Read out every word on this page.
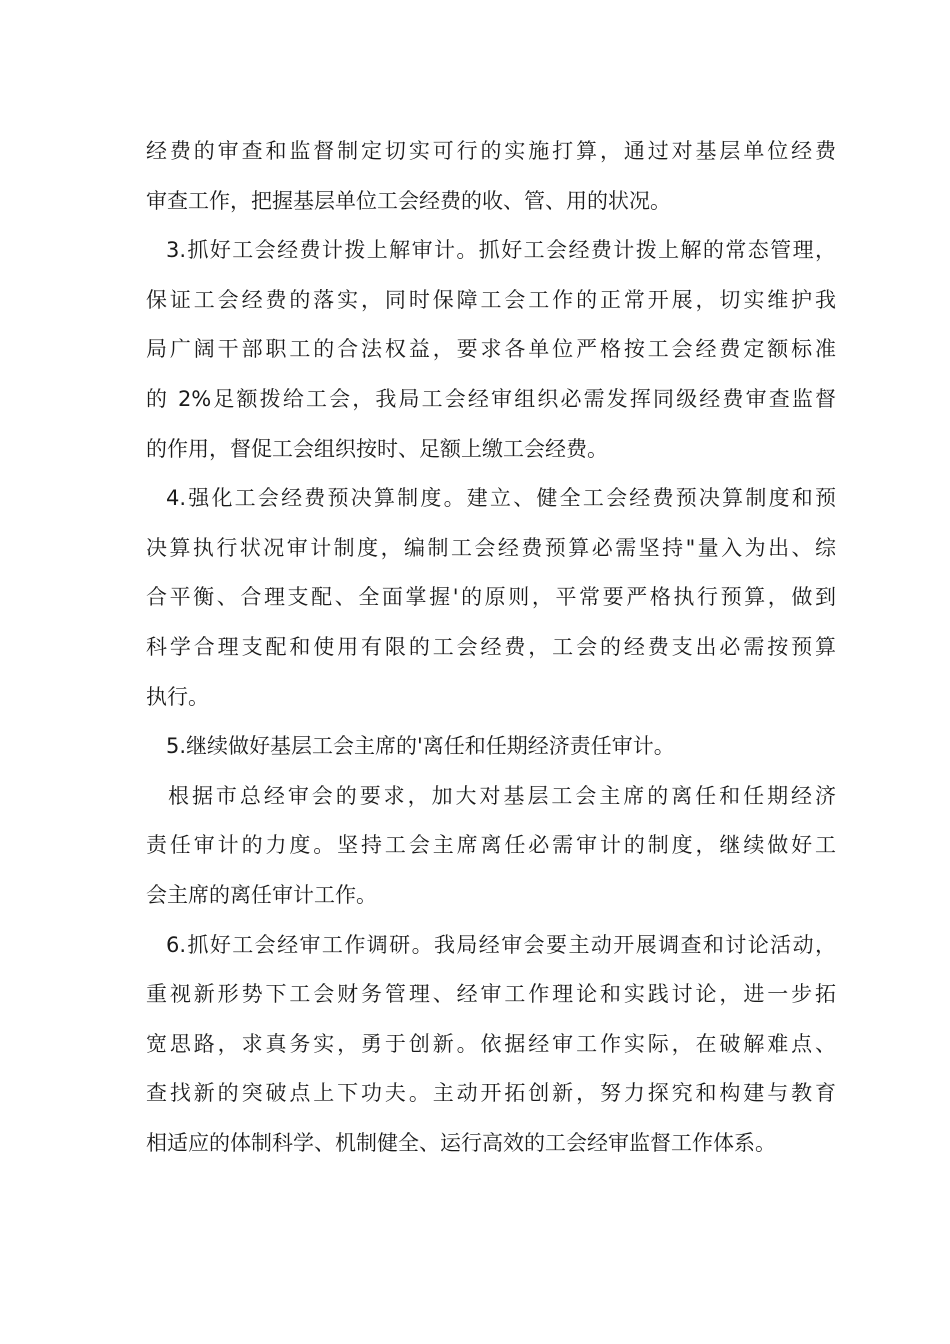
经费的审查和监督制定切实可行的实施打算，通过对基层单位经费
审查工作，把握基层单位工会经费的收、管、用的状况。
3.抓好工会经费计拨上解审计。抓好工会经费计拨上解的常态管理，
保证工会经费的落实，同时保障工会工作的正常开展，切实维护我
局广阔干部职工的合法权益，要求各单位严格按工会经费定额标准
的 2%足额拨给工会，我局工会经审组织必需发挥同级经费审查监督
的作用，督促工会组织按时、足额上缴工会经费。
4.强化工会经费预决算制度。建立、健全工会经费预决算制度和预
决算执行状况审计制度，编制工会经费预算必需坚持"量入为出、综
合平衡、合理支配、全面掌握'的原则，平常要严格执行预算，做到
科学合理支配和使用有限的工会经费，工会的经费支出必需按预算
执行。
5.继续做好基层工会主席的'离任和任期经济责任审计。
根据市总经审会的要求，加大对基层工会主席的离任和任期经济
责任审计的力度。坚持工会主席离任必需审计的制度，继续做好工
会主席的离任审计工作。
6.抓好工会经审工作调研。我局经审会要主动开展调查和讨论活动，
重视新形势下工会财务管理、经审工作理论和实践讨论，进一步拓
宽思路，求真务实，勇于创新。依据经审工作实际，在破解难点、
查找新的突破点上下功夫。主动开拓创新，努力探究和构建与教育
相适应的体制科学、机制健全、运行高效的工会经审监督工作体系。
